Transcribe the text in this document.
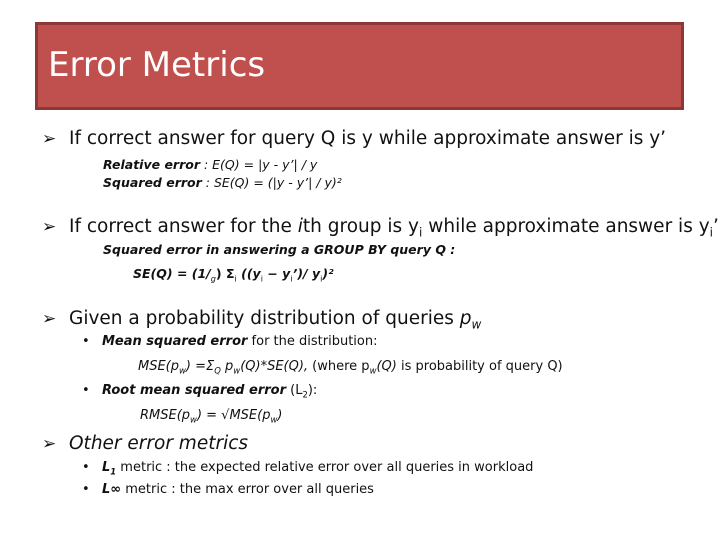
Error Metrics
➢ If correct answer for query Q is y while approximate answer is y’
Relative error : E(Q) = |y - y’| / y
Squared error : SE(Q) = (|y - y’| / y)²
➢ If correct answer for the ith group is $y_i$ while approximate answer is $y_i$’
Squared error in answering a GROUP BY query Q :
$SE(Q) = (1/_g)$ $\Sigma_i$ (($y_i$ − $y_i’)/$ $y_i)^2$
➢ Given a probability distribution of queries $p_w$
• Mean squared error for the distribution:
$MSE(p_w) =\Sigma_Q$ $p_w(Q)*SE(Q)$, (where $p_w(Q)$ is probability of query Q)
• Root mean squared error $(L_2)$:
$RMSE(p_w) = √MSE(p_w)$
➢ Other error metrics
• $L_1$ metric : the expected relative error over all queries in workload
• L∞ metric : the max error over all queries
